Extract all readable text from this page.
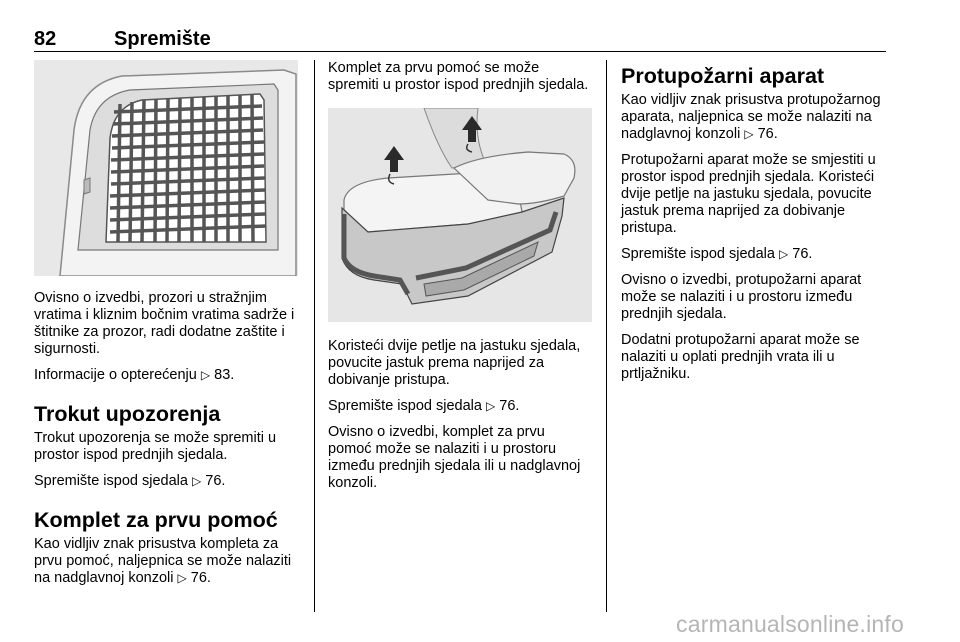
82	Spremište

Ovisno o izvedbi, prozori u stražnjim vratima i kliznim bočnim vratima sadrže i štitnike za prozor, radi dodatne zaštite i sigurnosti.

Informacije o opterećenju ▷ 83.

Trokut upozorenja

Trokut upozorenja se može spremiti u prostor ispod prednjih sjedala.

Spremište ispod sjedala ▷ 76.

Komplet za prvu pomoć

Kao vidljiv znak prisustva kompleta za prvu pomoć, naljepnica se može nalaziti na nadglavnoj konzoli ▷ 76.

Komplet za prvu pomoć se može spremiti u prostor ispod prednjih sjedala.

Koristeći dvije petlje na jastuku sjedala, povucite jastuk prema naprijed za dobivanje pristupa.

Spremište ispod sjedala ▷ 76.

Ovisno o izvedbi, komplet za prvu pomoć može se nalaziti i u prostoru između prednjih sjedala ili u nadglavnoj konzoli.

Protupožarni aparat

Kao vidljiv znak prisustva protupožarnog aparata, naljepnica se može nalaziti na nadglavnoj konzoli ▷ 76.

Protupožarni aparat može se smjestiti u prostor ispod prednjih sjedala. Koristeći dvije petlje na jastuku sjedala, povucite jastuk prema naprijed za dobivanje pristupa.

Spremište ispod sjedala ▷ 76.

Ovisno o izvedbi, protupožarni aparat može se nalaziti i u prostoru između prednjih sjedala.

Dodatni protupožarni aparat može se nalaziti u oplati prednjih vrata ili u prtljažniku.

carmanualsonline.info
